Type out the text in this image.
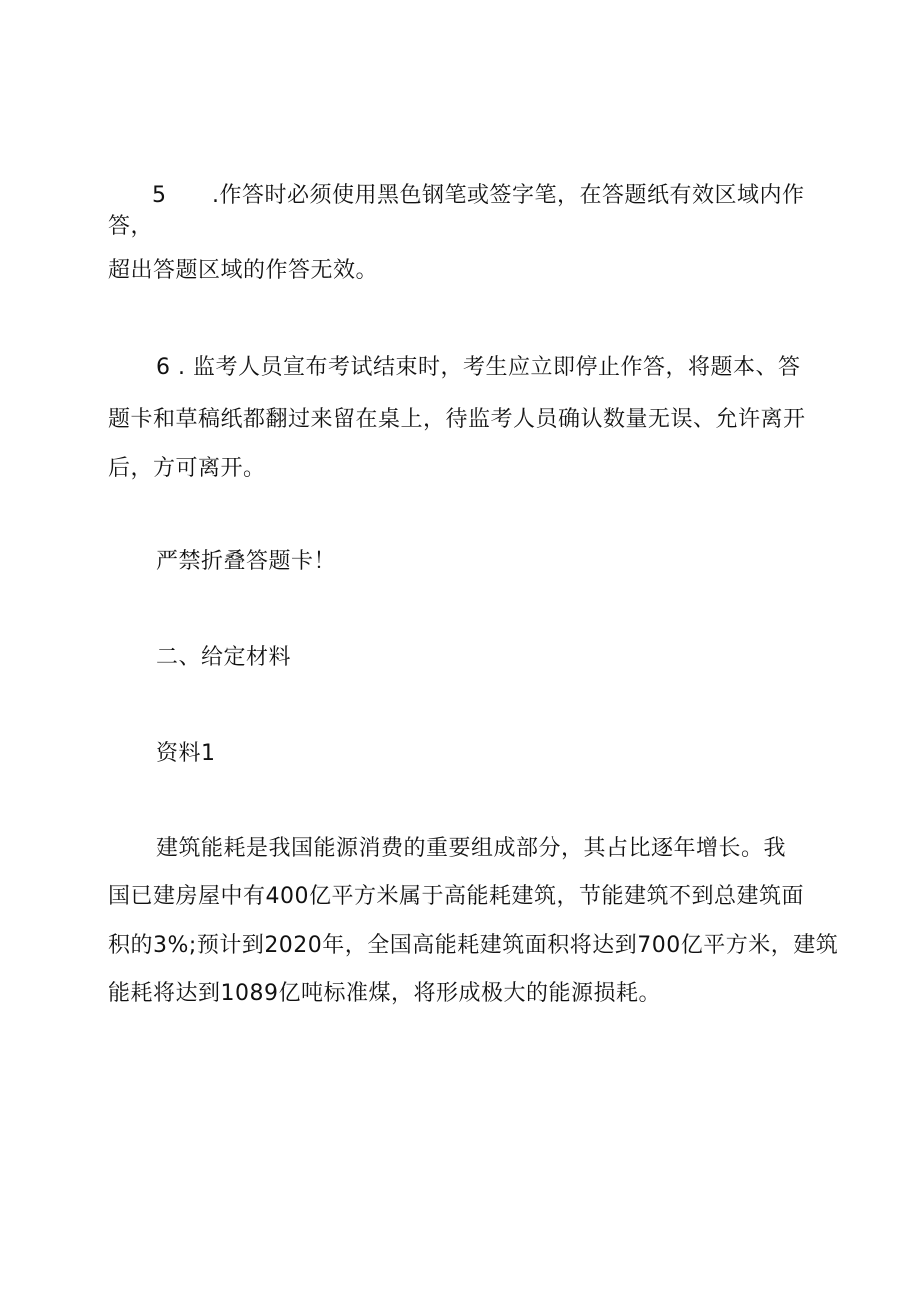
5 .作答时必须使用黑色钢笔或签字笔，在答题纸有效区域内作
答，
超出答题区域的作答无效。
6 . 监考人员宣布考试结束时，考生应立即停止作答，将题本、答
题卡和草稿纸都翻过来留在桌上，待监考人员确认数量无误、允许离开
后，方可离开。
严禁折叠答题卡！
二、给定材料
资料1
建筑能耗是我国能源消费的重要组成部分，其占比逐年增长。我
国已建房屋中有400亿平方米属于高能耗建筑，节能建筑不到总建筑面
积的3%;预计到2020年，全国高能耗建筑面积将达到700亿平方米，建筑
能耗将达到1089亿吨标准煤，将形成极大的能源损耗。
